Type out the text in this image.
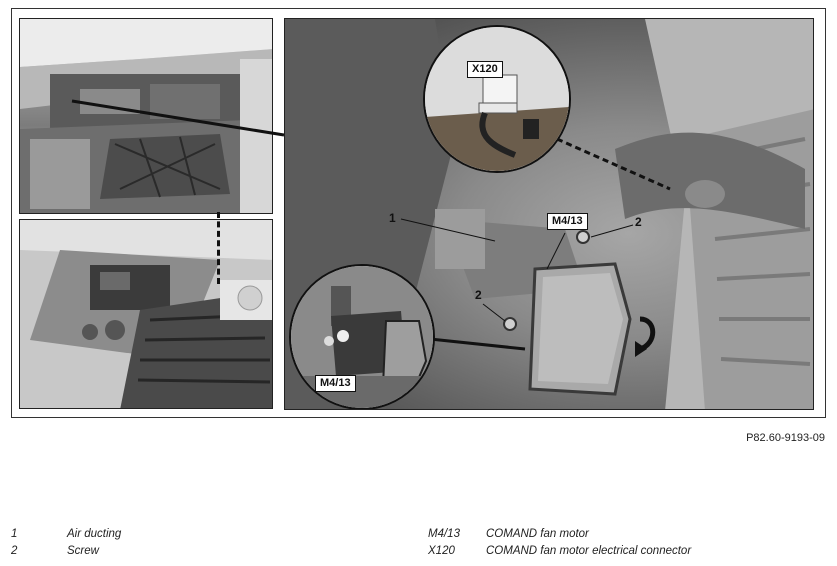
X120
M4/13
M4/13
1	2
2
P82.60-9193-09
1	Air ducting
2	Screw
M4/13	COMAND fan motor
X120	COMAND fan motor electrical connector
